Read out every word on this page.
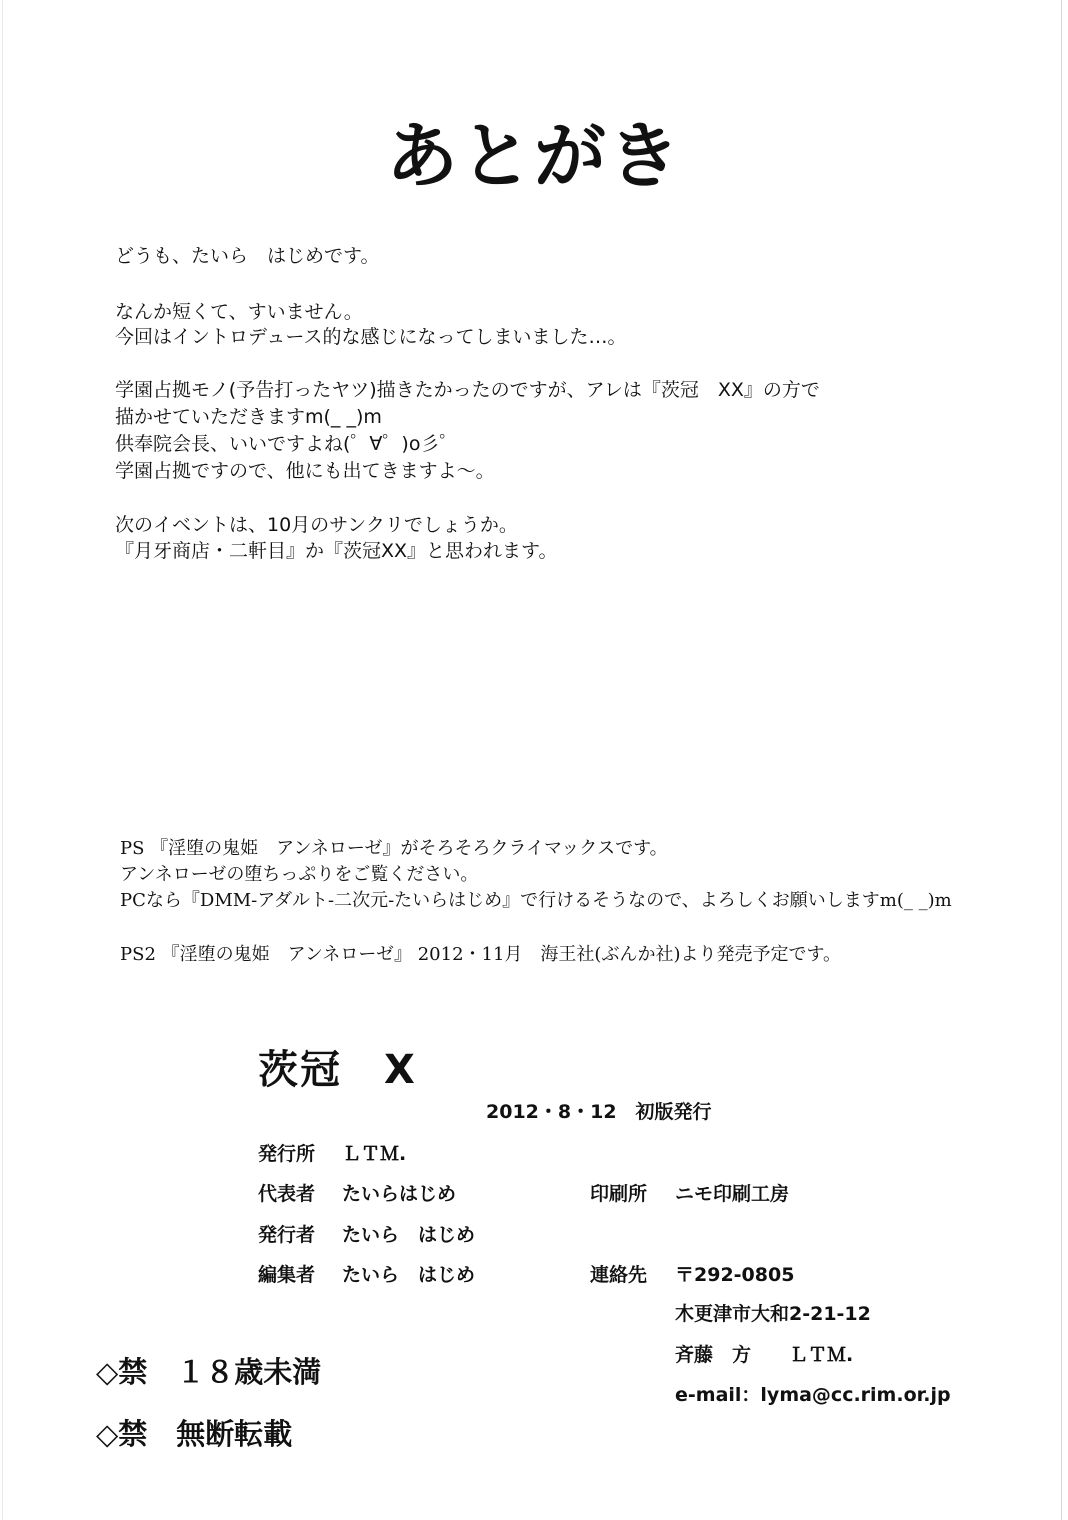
あとがき
どうも、たいら　はじめです。
なんか短くて、すいません。
今回はイントロデュース的な感じになってしまいました…。
学園占拠モノ(予告打ったヤツ)描きたかったのですが、アレは『茨冠　XX』の方で
描かせていただきますm(_ _)m
供奉院会長、いいですよね(゜∀゜)o彡゜
学園占拠ですので、他にも出てきますよ〜。
次のイベントは、10月のサンクリでしょうか。
『月牙商店・二軒目』か『茨冠XX』と思われます。
PS 『淫堕の鬼姫　アンネローゼ』がそろそろクライマックスです。
アンネローゼの堕ちっぷりをご覧ください。
PCなら『DMM-アダルト-二次元-たいらはじめ』で行けるそうなので、よろしくお願いしますm(_ _)m
PS2 『淫堕の鬼姫　アンネローゼ』 2012・11月　海王社(ぶんか社)より発売予定です。
茨冠　X
2012・8・12　初版発行
発行所 ＬＴＭ.
代表者 たいらはじめ	印刷所 ニモ印刷工房
発行者 たいら　はじめ
編集者 たいら　はじめ	連絡先 〒292-0805
木更津市大和2-21-12
斉藤　方　　ＬＴＭ.
e-mail：lyma@cc.rim.or.jp
◇禁　１８歳未満
◇禁　無断転載
